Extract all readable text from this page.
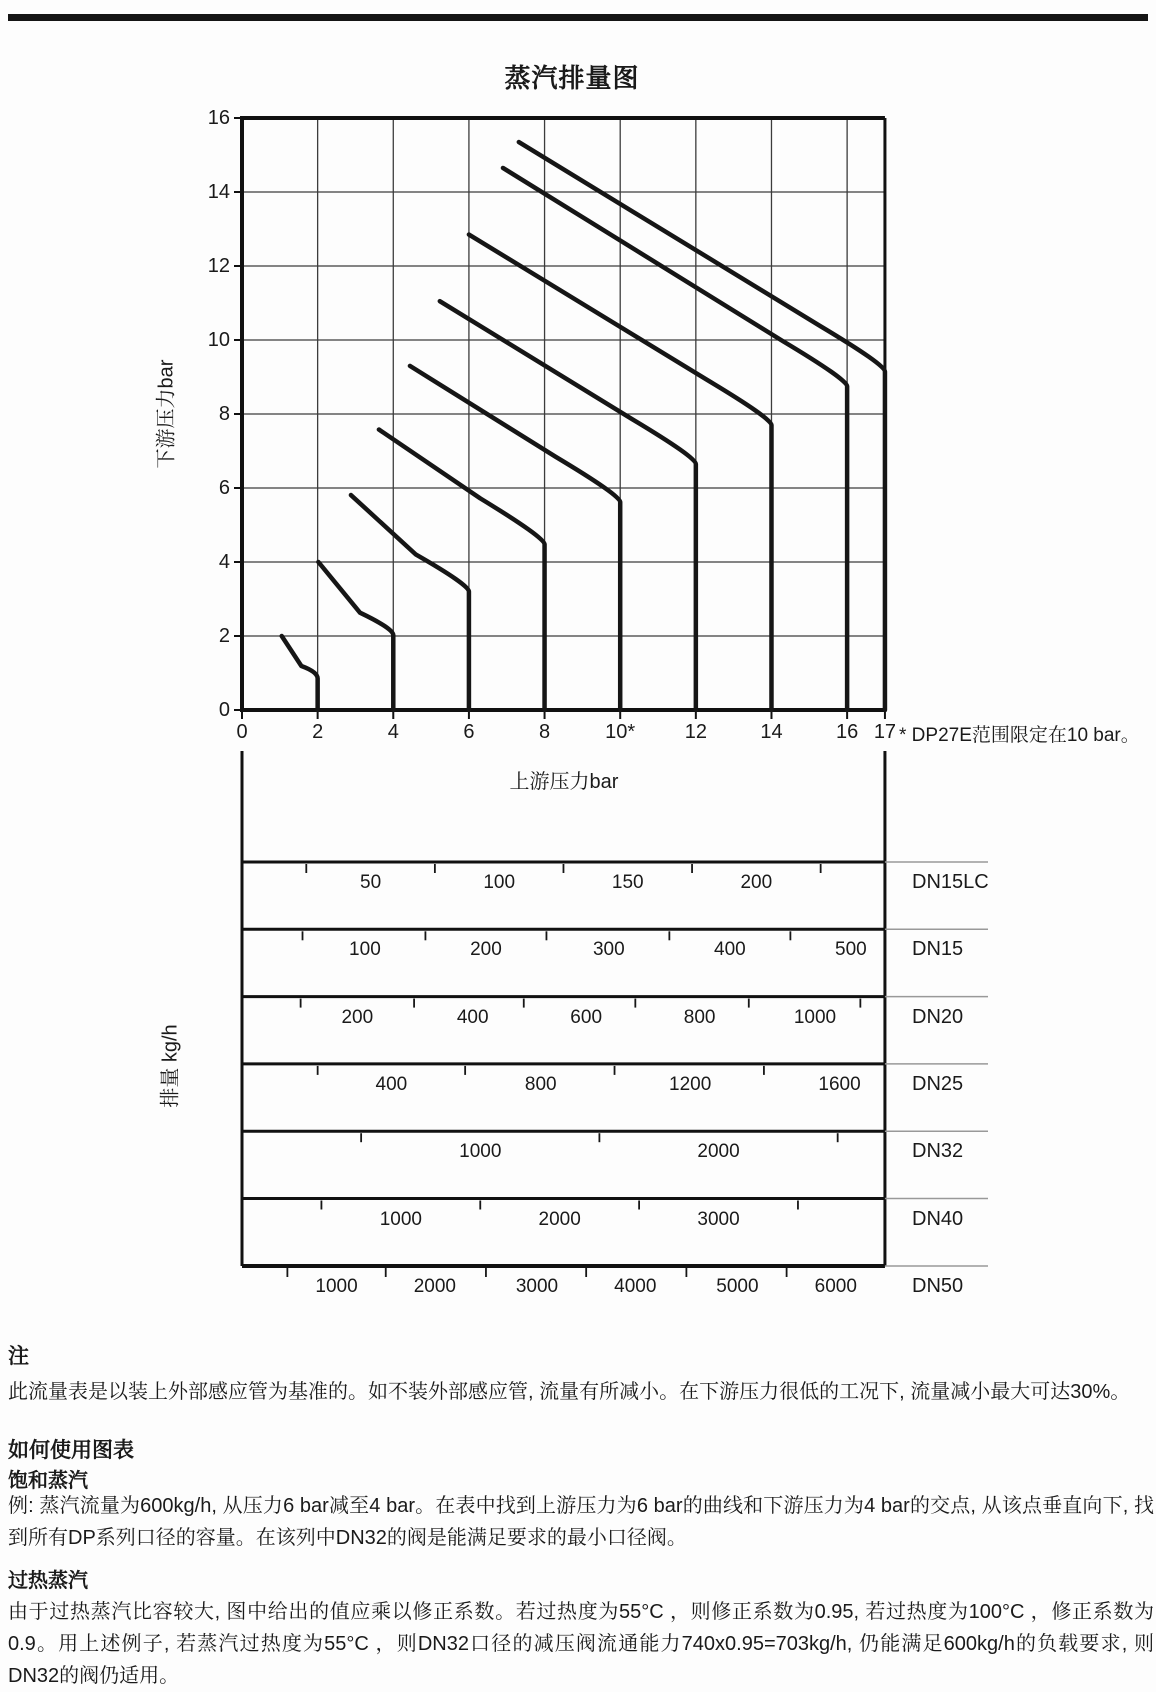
蒸汽排量图
0
2
4
6
8
10
12
14
16
0	2	4	6	8	10* 12	14	16 17
50	100	150	200	DN15LC
100	200	300	400	500 DN15
200	400	600	800	1000	DN20
400	800	1200	1600	DN25
1000	2000	DN32
1000	2000	3000	DN40
1000	2000	3000	4000	5000	6000	DN50
下游压力bar
上游压力bar
排量 kg/h
* DP27E范围限定在10 bar。
注
此流量表是以装上外部感应管为基准的。如不装外部感应管, 流量有所减小。在下游压力很低的工况下, 流量减小最大可达30%。
如何使用图表
饱和蒸汽
例: 蒸汽流量为600kg/h, 从压力6 bar减至4 bar。在表中找到上游压力为6 bar的曲线和下游压力为4 bar的交点, 从该点垂直向下, 找到所有DP系列口径的容量。在该列中DN32的阀是能满足要求的最小口径阀。
过热蒸汽
由于过热蒸汽比容较大, 图中给出的值应乘以修正系数。若过热度为55°C ，则修正系数为0.95, 若过热度为100°C ，修正系数为0.9。用上述例子, 若蒸汽过热度为55°C ，则DN32口径的减压阀流通能力740x0.95=703kg/h, 仍能满足600kg/h的负载要求, 则DN32的阀仍适用。
